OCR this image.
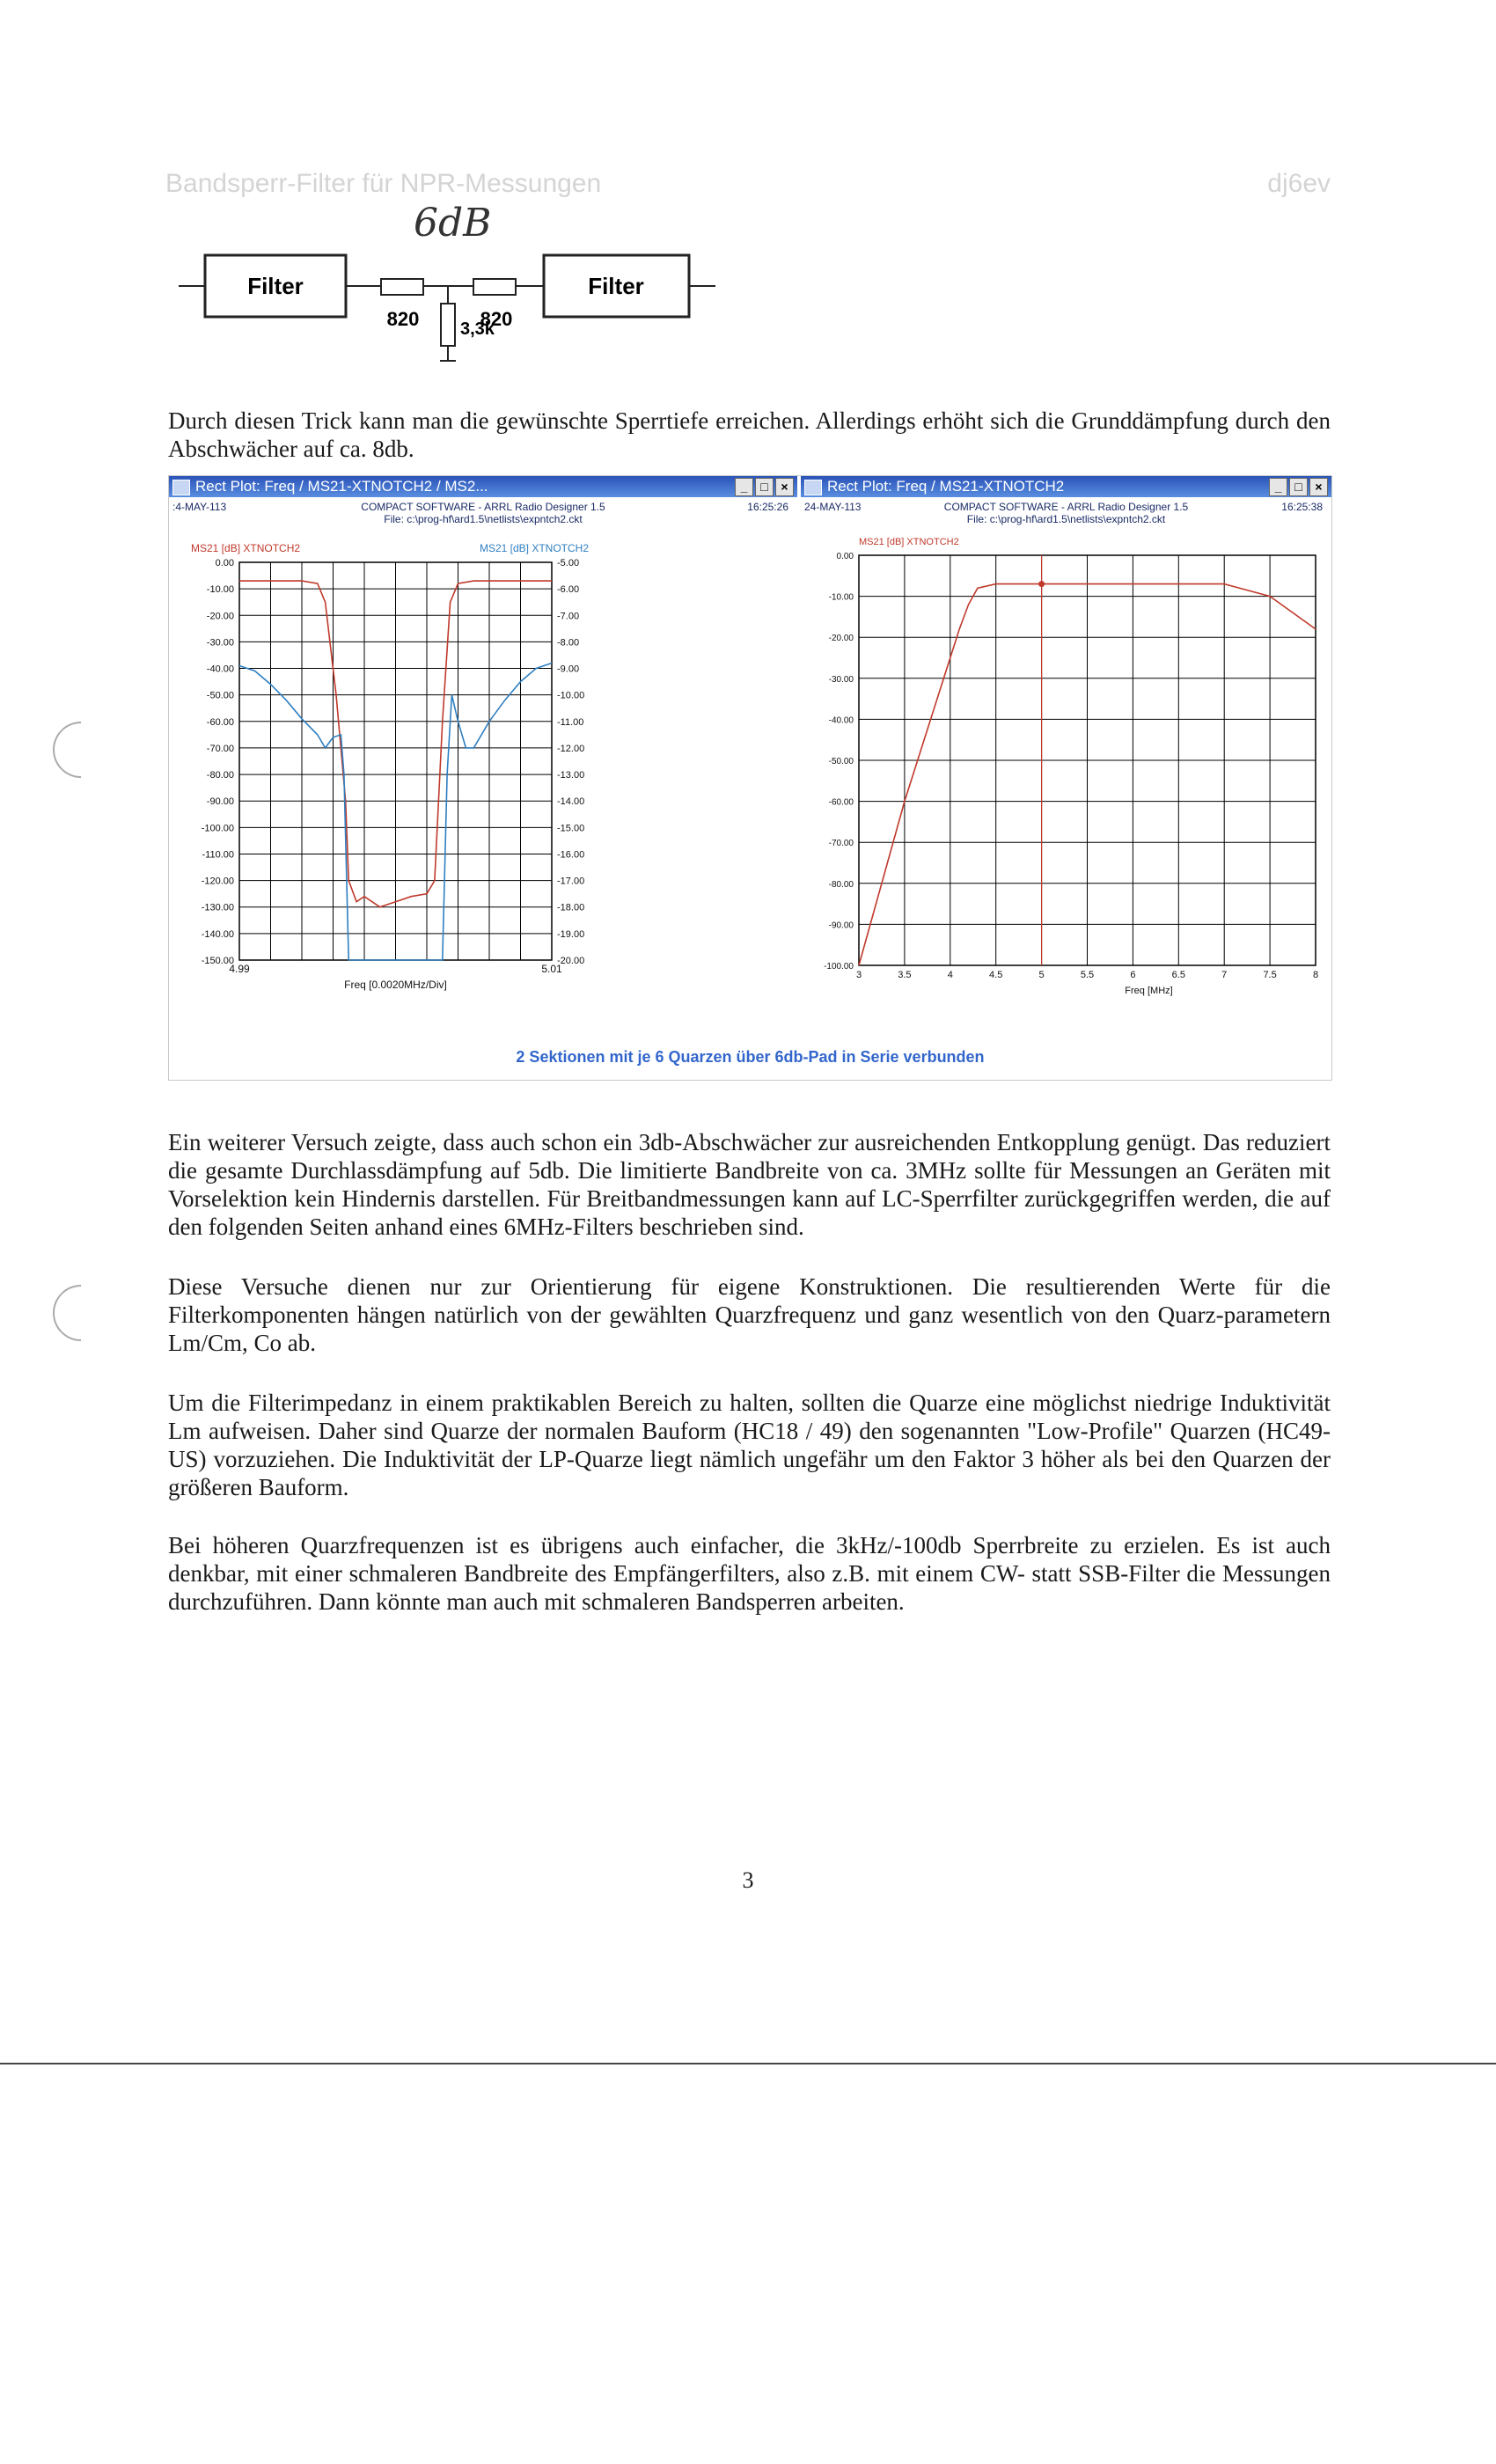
Bandsperr-Filter für NPR-Messungen	dj6ev
6dB
Filter
820	820
3,3k
Filter

Durch diesen Trick kann man die gewünschte Sperrtiefe erreichen. Allerdings erhöht sich die Grunddämpfung durch den Abschwächer auf ca. 8db.

Rect Plot: Freq / MS21-XTNOTCH2 / MS2...	_	□	×
:4-MAY-113	COMPACT SOFTWARE - ARRL Radio Designer 1.5
File: c:\prog-hf\ard1.5\netlists\expntch2.ckt
16:25:26
0.00
-10.00
-20.00
-30.00
-40.00
-50.00
-60.00
-70.00
-80.00
-90.00
-100.00
-110.00
-120.00
-130.00
-140.00
-150.00
-5.00
-6.00
-7.00
-8.00
-9.00
-10.00
-11.00
-12.00
-13.00
-14.00
-15.00
-16.00
-17.00
-18.00
-19.00
-20.00
4.99	5.01
Freq [0.0020MHz/Div]
MS21 [dB] XTNOTCH2	MS21 [dB] XTNOTCH2
Rect Plot: Freq / MS21-XTNOTCH2	_	□	×
24-MAY-113	COMPACT SOFTWARE - ARRL Radio Designer 1.5
File: c:\prog-hf\ard1.5\netlists\expntch2.ckt
16:25:38
3	3.5	4	4.5	5	5.5	6	6.5	7	7.5	8
0.00
-10.00
-20.00
-30.00
-40.00
-50.00
-60.00
-70.00
-80.00
-90.00
-100.00
Freq [MHz]
MS21 [dB] XTNOTCH2
2 Sektionen mit je 6 Quarzen über 6db-Pad in Serie verbunden

Ein weiterer Versuch zeigte, dass auch schon ein 3db-Abschwächer zur ausreichenden Entkopplung genügt. Das reduziert die gesamte Durchlassdämpfung auf 5db. Die limitierte Bandbreite von ca. 3MHz sollte für Messungen an Geräten mit Vorselektion kein Hindernis darstellen. Für Breitbandmessungen kann auf LC-Sperrfilter zurückgegriffen werden, die auf den folgenden Seiten anhand eines 6MHz-Filters beschrieben sind.

Diese Versuche dienen nur zur Orientierung für eigene Konstruktionen. Die resultierenden Werte für die Filterkomponenten hängen natürlich von der gewählten Quarzfrequenz und ganz wesentlich von den Quarz-parametern Lm/Cm, Co ab.

Um die Filterimpedanz in einem praktikablen Bereich zu halten, sollten die Quarze eine möglichst niedrige Induktivität Lm aufweisen. Daher sind Quarze der normalen Bauform (HC18 / 49) den sogenannten "Low-Profile" Quarzen (HC49-US) vorzuziehen. Die Induktivität der LP-Quarze liegt nämlich ungefähr um den Faktor 3 höher als bei den Quarzen der größeren Bauform.

Bei höheren Quarzfrequenzen ist es übrigens auch einfacher, die 3kHz/-100db Sperrbreite zu erzielen. Es ist auch denkbar, mit einer schmaleren Bandbreite des Empfängerfilters, also z.B. mit einem CW- statt SSB-Filter die Messungen durchzuführen. Dann könnte man auch mit schmaleren Bandsperren arbeiten.

3
